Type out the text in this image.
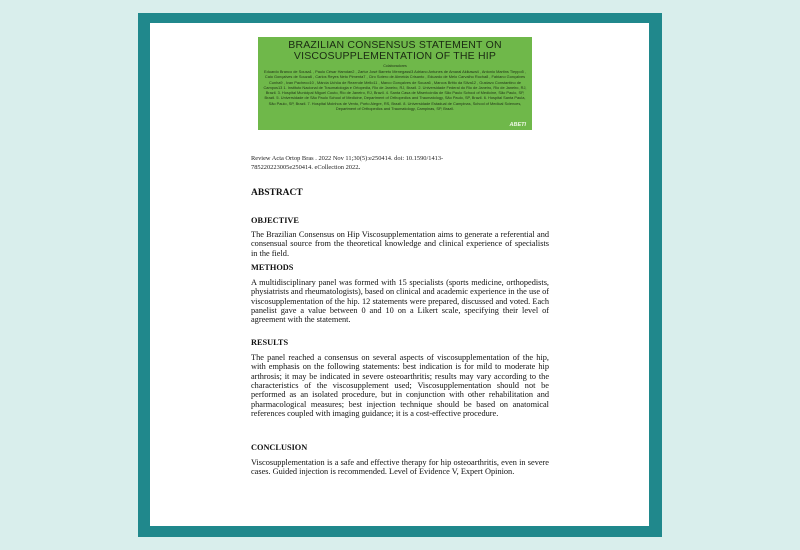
BRAZILIAN CONSENSUS STATEMENT ON
VISCOSUPPLEMENTATION OF THE HIP
Colaboradores
Eduardo Branco de Sousa1 , Paulo César Hamdan2 , Zartur José Barreto Menegassi3 Adriano Antunes de Amaral Akikawa4 , Antonio Martins Tieppo5 , Caio Gonçalves de Souza6 , Carlos Reyes Neto Pimenta7 , Ciro Sotero de Almeida Crisanto , Eduardo de Melo Carvalho Rocha8 , Fabiano Gonçalves Cunha9 , Ivan Pacheco10 , Márcia Uchôa de Rezende Mello11 , Marco Gonçalves de Souza6 , Marcos Britto da Silva12 , Gustavo Constantino de Campos13 1. Instituto Nacional de Traumatologia e Ortopedia, Rio de Janeiro, RJ, Brazil. 2. Universidade Federal do Rio de Janeiro, Rio de Janeiro, RJ, Brazil. 3. Hospital Municipal Miguel Couto, Rio de Janeiro, RJ, Brazil. 4. Santa Casa de Misericórdia de São Paulo School of Medicine, São Paulo, SP, Brazil. 5. Universidade de São Paulo School of Medicine, Department of Orthopedics and Traumatology, São Paulo, SP, Brazil. 6. Hospital Santa Paula, São Paulo, SP, Brazil. 7. Hospital Moinhos de Vento, Porto Alegre, RS, Brazil. 8. Universidade Estadual de Campinas, School of Medical Sciences, Department of Orthopedics and Traumatology, Campinas, SP, Brazil.
ABETI
Review Acta Ortop Bras . 2022 Nov 11;30(5):e250414. doi: 10.1590/1413-785220223005e250414. eCollection 2022.
ABSTRACT
OBJECTIVE
The Brazilian Consensus on Hip Viscosupplementation aims to generate a referential and consensual source from the theoretical knowledge and clinical experience of specialists in the field.
METHODS
A multidisciplinary panel was formed with 15 specialists (sports medicine, orthopedists, physiatrists and rheumatologists), based on clinical and academic experience in the use of viscosupplementation of the hip. 12 statements were prepared, discussed and voted. Each panelist gave a value between 0 and 10 on a Likert scale, specifying their level of agreement with the statement.
RESULTS
The panel reached a consensus on several aspects of viscosupplementation of the hip, with emphasis on the following statements: best indication is for mild to moderate hip arthrosis; it may be indicated in severe osteoarthritis; results may vary according to the characteristics of the viscosupplement used; Viscosupplementation should not be performed as an isolated procedure, but in conjunction with other rehabilitation and pharmacological measures; best injection technique should be based on anatomical references coupled with imaging guidance; it is a cost-effective procedure.
CONCLUSION
Viscosupplementation is a safe and effective therapy for hip osteoarthritis, even in severe cases. Guided injection is recommended. Level of Evidence V, Expert Opinion.
